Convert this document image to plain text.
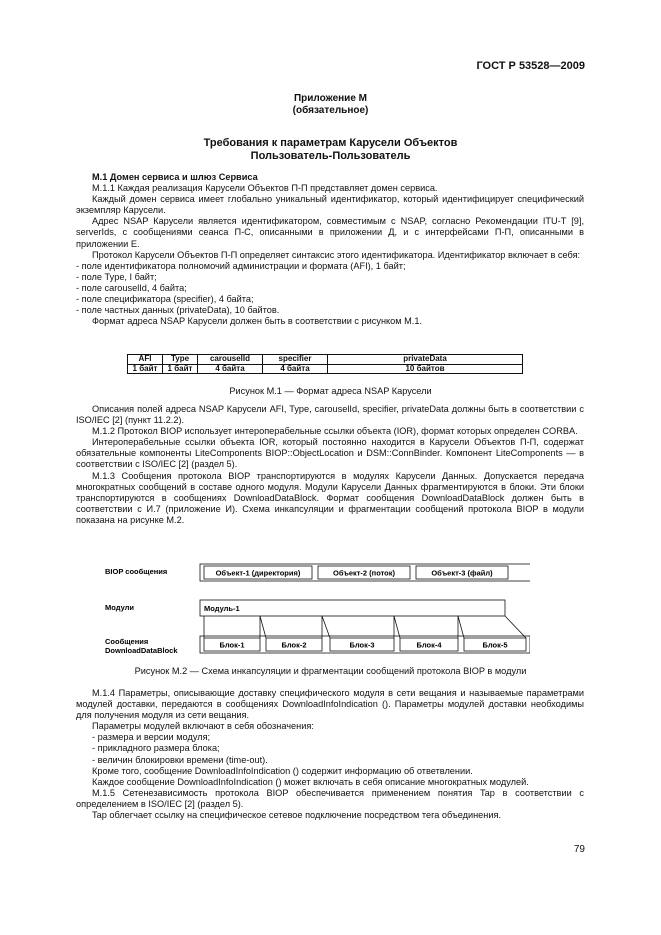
ГОСТ Р 53528—2009
Приложение М
(обязательное)
Требования к параметрам Карусели Объектов
Пользователь-Пользователь

М.1 Домен сервиса и шлюз Сервиса

М.1.1 Каждая реализация Карусели Объектов П-П представляет домен сервиса.

Каждый домен сервиса имеет глобально уникальный идентификатор, который идентифицирует специфический экземпляр Карусели.

Адрес NSAP Карусели является идентификатором, совместимым с NSAP, согласно Рекомендации ITU-T [9], serverIds, с сообщениями сеанса П-С, описанными в приложении Д, и с интерфейсами П-П, описанными в приложении Е.

Протокол Карусели Объектов П-П определяет синтаксис этого идентификатора. Идентификатор включает в себя:

- поле идентификатора полномочий администрации и формата (AFI), 1 байт;

- поле Type, I байт;

- поле carouselId, 4 байта;

- поле спецификатора (specifier), 4 байта;

- поле частных данных (privateData), 10 байтов.

Формат адреса NSAP Карусели должен быть в соответствии с рисунком М.1.

AFI	Type	carouselId	specifier	privateData
1 байт	1 байт	4 байта	4 байта	10 байтов
Рисунок М.1 — Формат адреса NSAP Карусели

Описания полей адреса NSAP Карусели AFI, Type, carouselId, specifier, privateData должны быть в соответствии с ISO/IEC [2] (пункт 11.2.2).

М.1.2 Протокол BIOP использует интероперабельные ссылки объекта (IOR), формат которых определен CORBA.

Интероперабельные ссылки объекта IOR, который постоянно находится в Карусели Объектов П-П, содержат обязательные компоненты LiteComponents BIOP::ObjectLocation и DSM::ConnBinder. Компонент LiteComponents — в соответствии с ISO/IEC [2] (раздел 5).

М.1.3 Сообщения протокола BIOP транспортируются в модулях Карусели Данных. Допускается передача многократных сообщений в составе одного модуля. Модули Карусели Данных фрагментируются в блоки. Эти блоки транспортируются в сообщениях DownloadDataBlock. Формат сообщения DownloadDataBlock должен быть в соответствии с И.7 (приложение И). Схема инкапсуляции и фрагментации сообщений протокола BIOP в модули показана на рисунке М.2.

BIOP сообщения
Модули
Сообщения
DownloadDataBlock
Объект-1 (директория)	Объект-2 (поток)	Объект-3 (файл)
Модуль-1
Блок-1	Блок-2	Блок-3	Блок-4	Блок-5
Рисунок М.2 — Схема инкапсуляции и фрагментации сообщений протокола BIOP в модули

М.1.4 Параметры, описывающие доставку специфического модуля в сети вещания и называемые параметрами модулей доставки, передаются в сообщениях DownloadInfoIndication (). Параметры модулей доставки необходимы для получения модуля из сети вещания.

Параметры модулей включают в себя обозначения:

- размера и версии модуля;

- прикладного размера блока;

- величин блокировки времени (time-out).

Кроме того, сообщение DownloadInfoIndication () содержит информацию об ответвлении.

Каждое сообщение DownloadInfoIndication () может включать в себя описание многократных модулей.

М.1.5 Сетенезависимость протокола BIOP обеспечивается применением понятия Tap в соответствии с определением в ISO/IEC [2] (раздел 5).

Tap облегчает ссылку на специфическое сетевое подключение посредством тега объединения.

79
